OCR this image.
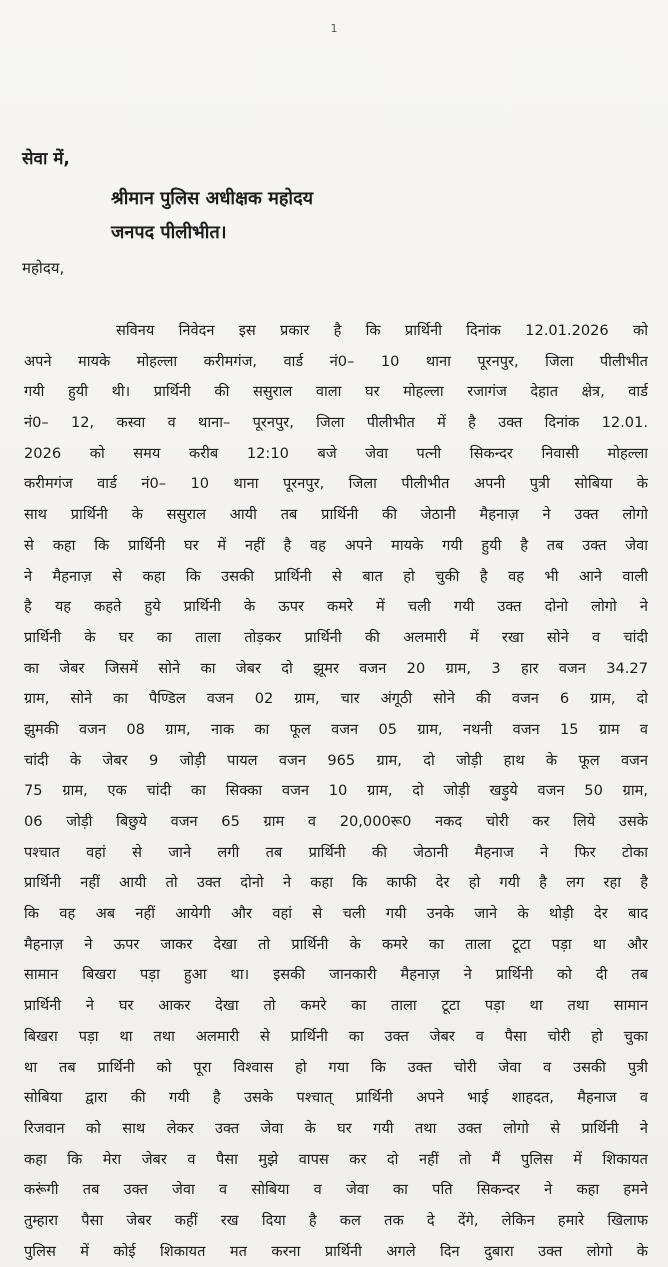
1
सेवा में,
श्रीमान पुलिस अधीक्षक महोदय
जनपद पीलीभीत।
महोदय,
सविनय निवेदन इस प्रकार है कि प्रार्थिनी दिनांक 12.01.2026 को
अपने मायके मोहल्ला करीमगंज, वार्ड नं0– 10 थाना पूरनपुर, जिला पीलीभीत
गयी हुयी थी। प्रार्थिनी की ससुराल वाला घर मोहल्ला रजागंज देहात क्षेत्र, वार्ड
नं0– 12, कस्वा व थाना– पूरनपुर, जिला पीलीभीत में है उक्त दिनांक 12.01.
2026 को समय करीब 12:10 बजे जेवा पत्नी सिकन्दर निवासी मोहल्ला
करीमगंज वार्ड नं0– 10 थाना पूरनपुर, जिला पीलीभीत अपनी पुत्री सोबिया के
साथ प्रार्थिनी के ससुराल आयी तब प्रार्थिनी की जेठानी मैहनाज़ ने उक्त लोगो
से कहा कि प्रार्थिनी घर में नहीं है वह अपने मायके गयी हुयी है तब उक्त जेवा
ने मैहनाज़ से कहा कि उसकी प्रार्थिनी से बात हो चुकी है वह भी आने वाली
है यह कहते हुये प्रार्थिनी के ऊपर कमरे में चली गयी उक्त दोनो लोगो ने
प्रार्थिनी के घर का ताला तोड़कर प्रार्थिनी की अलमारी में रखा सोने व चांदी
का जेबर जिसमें सोने का जेबर दो झूमर वजन 20 ग्राम, 3 हार वजन 34.27
ग्राम, सोने का पैण्डिल वजन 02 ग्राम, चार अंगूठी सोने की वजन 6 ग्राम, दो
झुमकी वजन 08 ग्राम, नाक का फूल वजन 05 ग्राम, नथनी वजन 15 ग्राम व
चांदी के जेबर 9 जोड़ी पायल वजन 965 ग्राम, दो जोड़ी हाथ के फूल वजन
75 ग्राम, एक चांदी का सिक्का वजन 10 ग्राम, दो जोड़ी खड़ुये वजन 50 ग्राम,
06 जोड़ी बिछुये वजन 65 ग्राम व 20,000रू0 नकद चोरी कर लिये उसके
पश्चात वहां से जाने लगी तब प्रार्थिनी की जेठानी मैहनाज ने फिर टोका
प्रार्थिनी नहीं आयी तो उक्त दोनो ने कहा कि काफी देर हो गयी है लग रहा है
कि वह अब नहीं आयेगी और वहां से चली गयी उनके जाने के थोड़ी देर बाद
मैहनाज़ ने ऊपर जाकर देखा तो प्रार्थिनी के कमरे का ताला टूटा पड़ा था और
सामान बिखरा पड़ा हुआ था। इसकी जानकारी मैहनाज़ ने प्रार्थिनी को दी तब
प्रार्थिनी ने घर आकर देखा तो कमरे का ताला टूटा पड़ा था तथा सामान
बिखरा पड़ा था तथा अलमारी से प्रार्थिनी का उक्त जेबर व पैसा चोरी हो चुका
था तब प्रार्थिनी को पूरा विश्वास हो गया कि उक्त चोरी जेवा व उसकी पुत्री
सोबिया द्वारा की गयी है उसके पश्चात् प्रार्थिनी अपने भाई शाहदत, मैहनाज व
रिजवान को साथ लेकर उक्त जेवा के घर गयी तथा उक्त लोगो से प्रार्थिनी ने
कहा कि मेरा जेबर व पैसा मुझे वापस कर दो नहीं तो मैं पुलिस में शिकायत
करूंगी तब उक्त जेवा व सोबिया व जेवा का पति सिकन्दर ने कहा हमने
तुम्हारा पैसा जेबर कहीं रख दिया है कल तक दे देंगे, लेकिन हमारे खिलाफ
पुलिस में कोई शिकायत मत करना प्रार्थिनी अगले दिन दुबारा उक्त लोगो के
